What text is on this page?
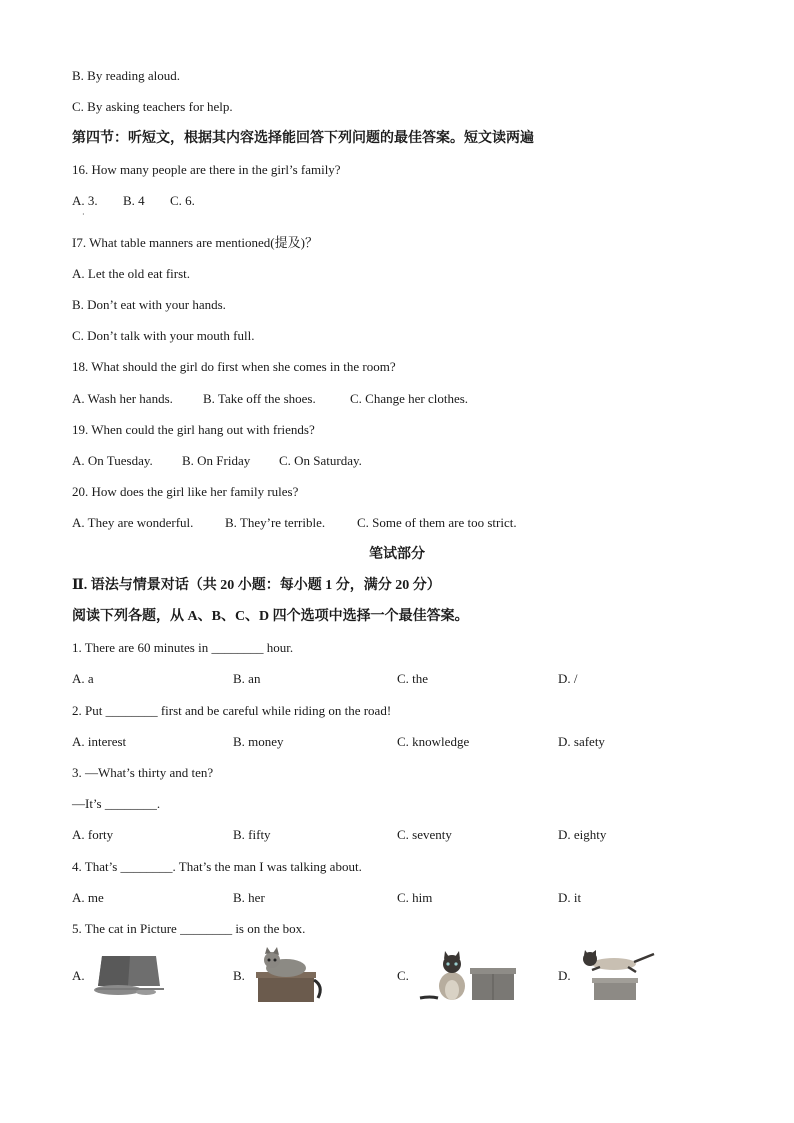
B. By reading aloud.
C. By asking teachers for help.
第四节：听短文，根据其内容选择能回答下列问题的最佳答案。短文读两遍
16. How many people are there in the girl’s family?
A. 3. B. 4 C. 6.
·
I7. What table manners are mentioned(提及)？
A. Let the old eat first.
B. Don’t eat with your hands.
C. Don’t talk with your mouth full.
18. What should the girl do first when she comes in the room?
A. Wash her hands. B. Take off the shoes.	C. Change her clothes.
19. When could the girl hang out with friends?
A. On Tuesday. B. On Friday C. On Saturday.
20. How does the girl like her family rules?
A. They are wonderful. B. They’re terrible. C. Some of them are too strict.
笔试部分
Ⅱ. 语法与情景对话（共 20 小题：每小题 1 分，满分 20 分）
阅读下列各题，从 A、B、C、D 四个选项中选择一个最佳答案。
1. There are 60 minutes in ________ hour.
A. a	B. an	C. the	D. /
2. Put ________ first and be careful while riding on the road!
A. interest	B. money	C. knowledge	D. safety
3. —What’s thirty and ten?
—It’s ________.
A. forty	B. fifty	C. seventy	D. eighty
4. That’s ________. That’s the man I was talking about.
A. me	B. her	C. him	D. it
5. The cat in Picture ________ is on the box.
A.	B.	C.	D.
